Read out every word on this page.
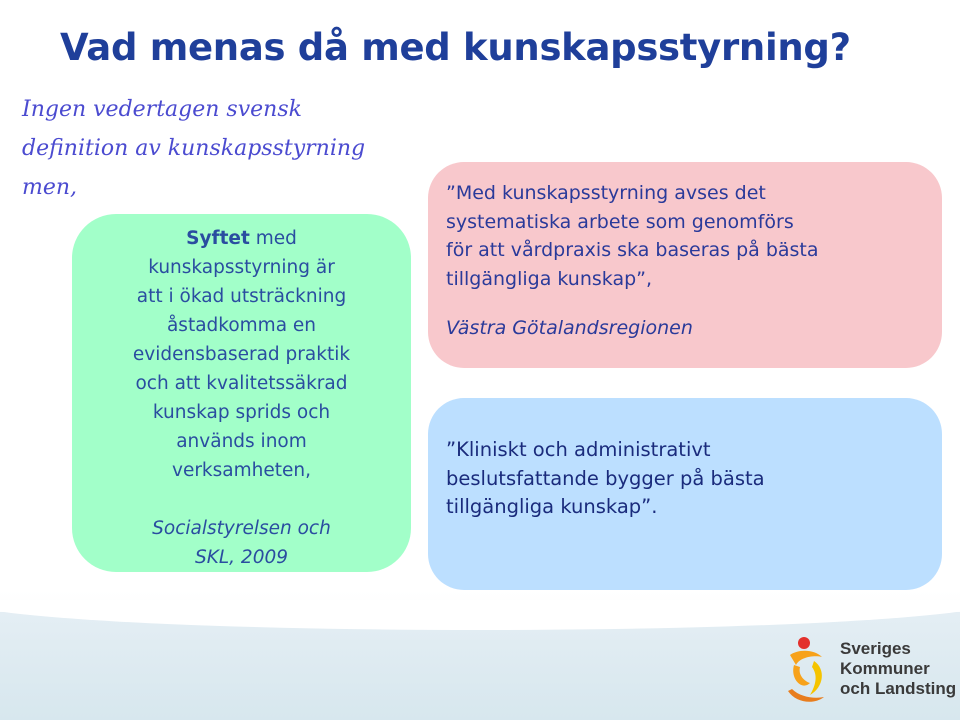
Vad menas då med kunskapsstyrning?
Ingen vedertagen svensk
definition av kunskapsstyrning
men,
Syftet med
kunskapsstyrning är
att i ökad utsträckning
åstadkomma en
evidensbaserad praktik
och att kvalitetssäkrad
kunskap sprids och
används inom
verksamheten,
Socialstyrelsen och
SKL, 2009
”Med kunskapsstyrning avses det
systematiska arbete som genomförs
för att vårdpraxis ska baseras på bästa
tillgängliga kunskap”,
Västra Götalandsregionen
”Kliniskt och administrativt
beslutsfattande bygger på bästa
tillgängliga kunskap”.
Sveriges
Kommuner
och Landsting
